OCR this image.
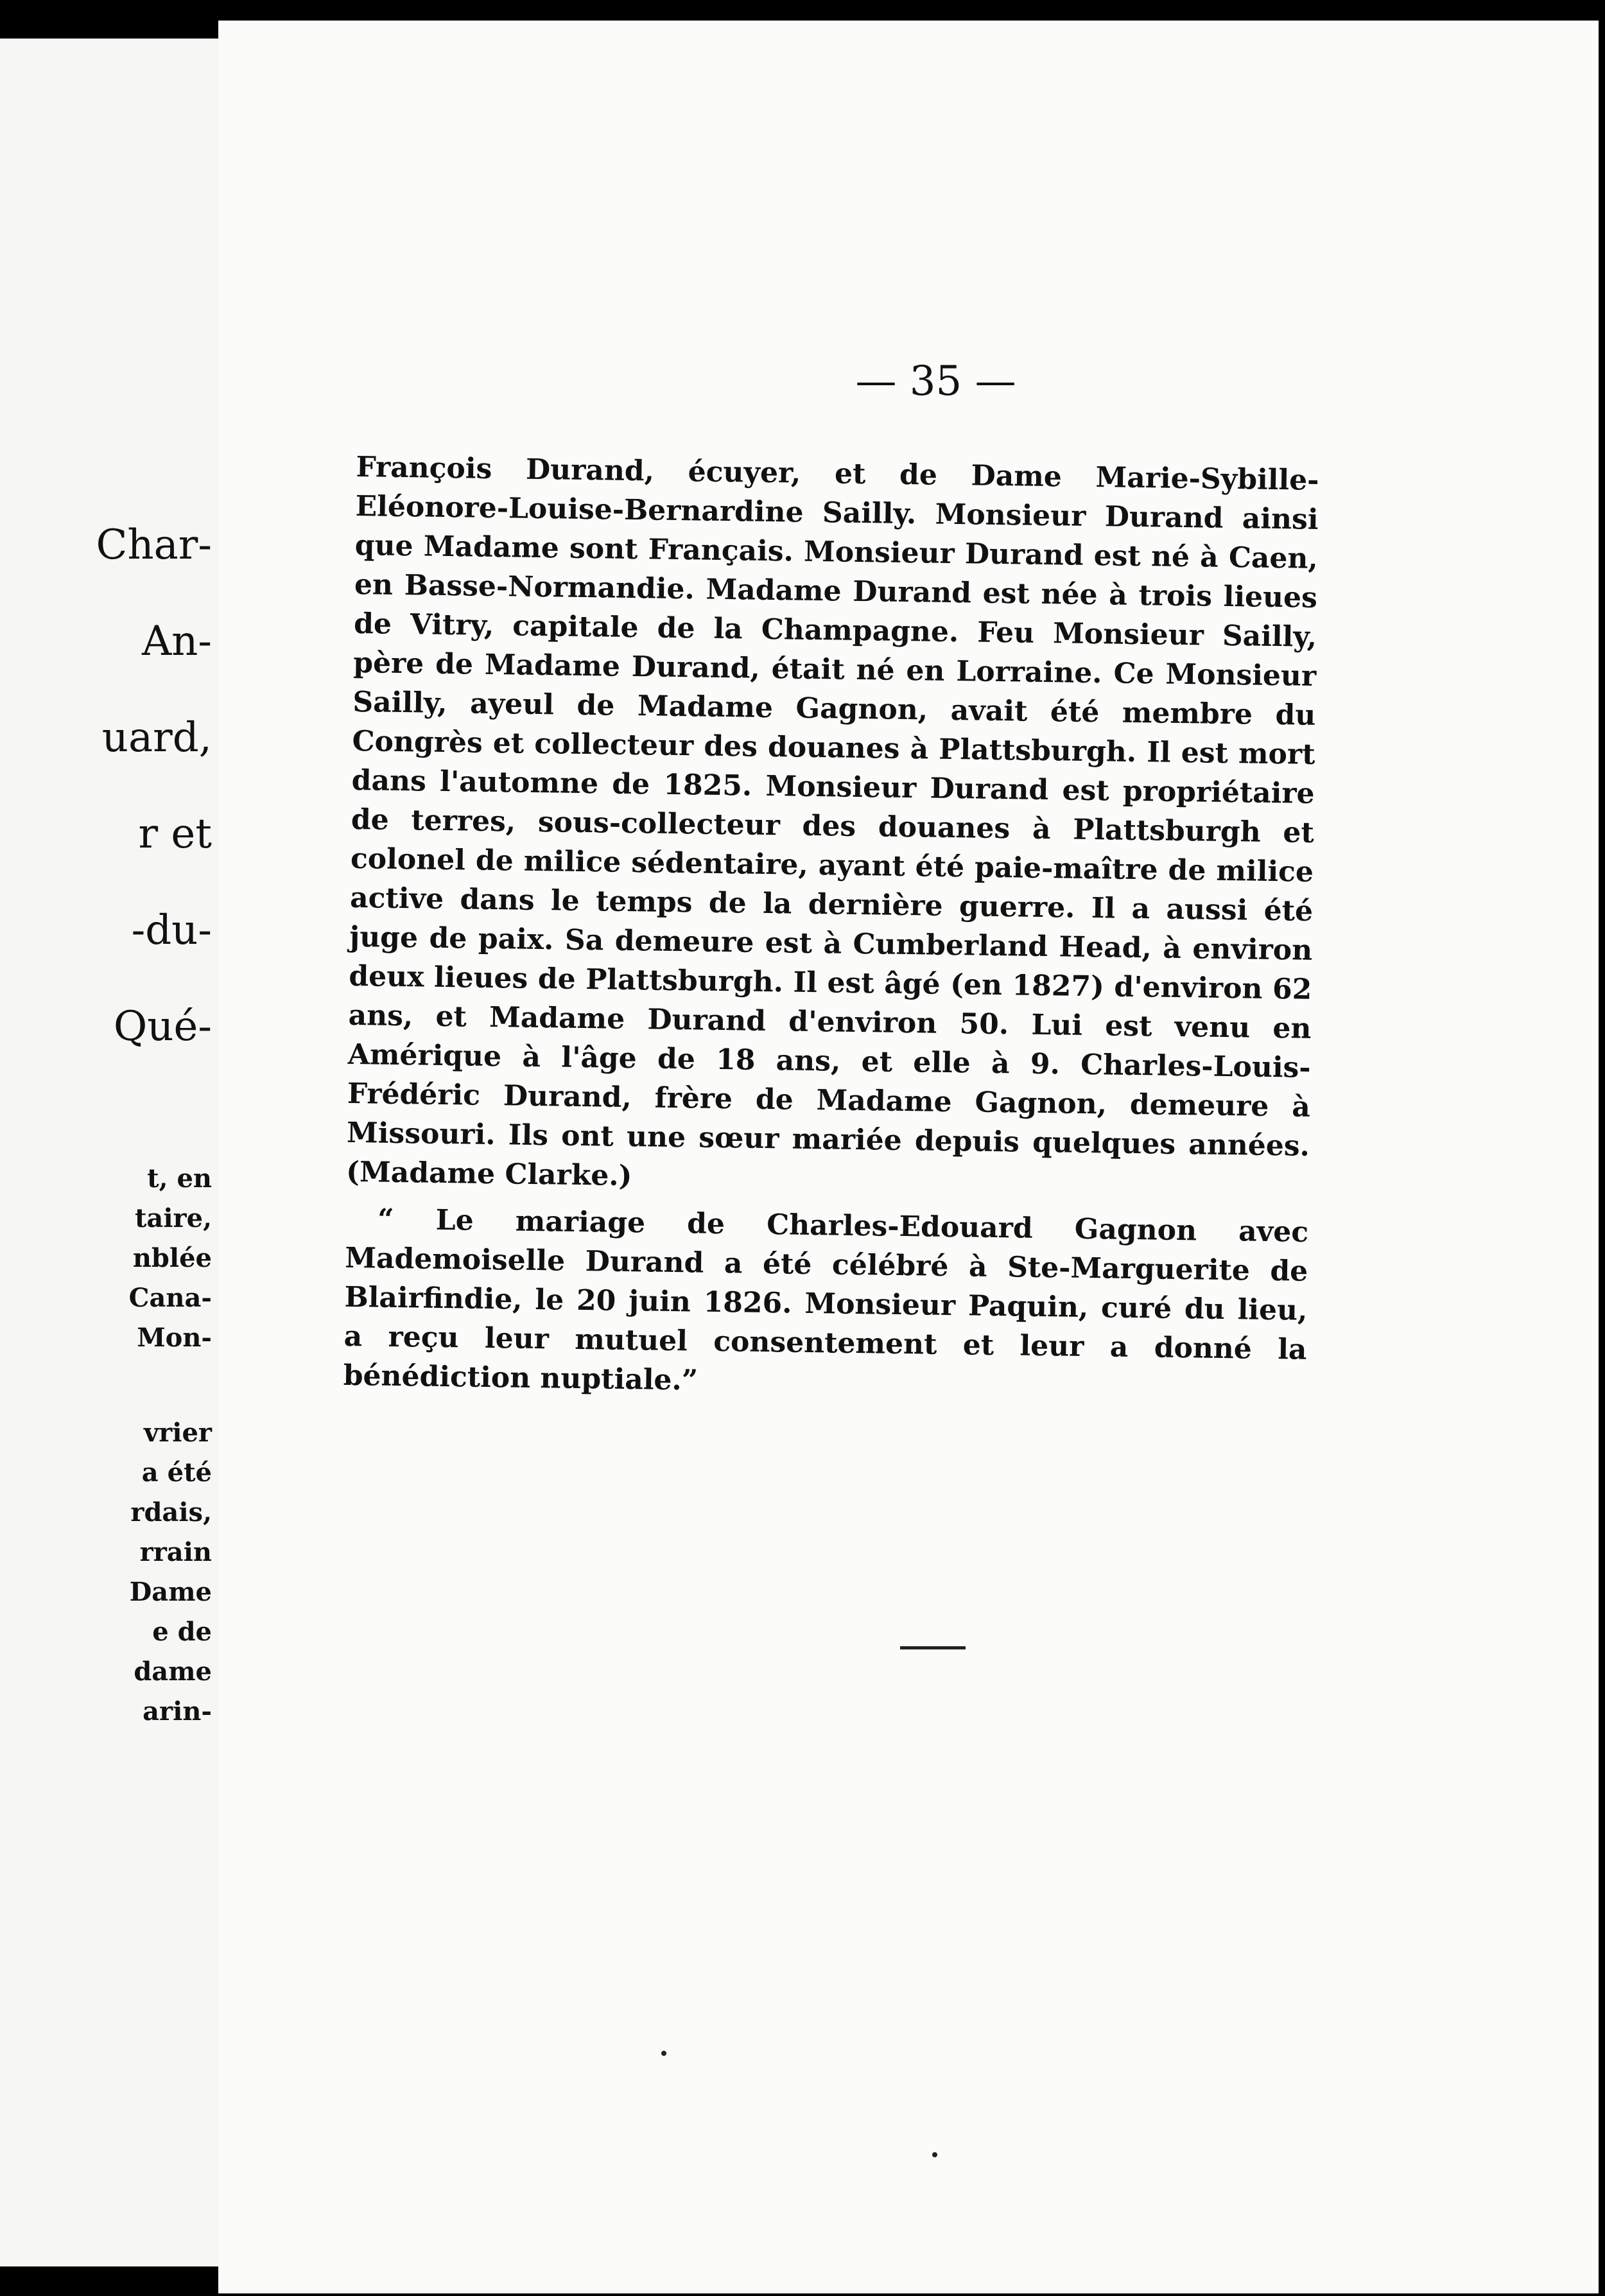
Char-
An-
uard,
r et
-du-
Qué-
t, en
taire,
nblée
Cana-
Mon-
vrier
a été
rdais,
rrain
Dame
e de
dame
arin-
— 35 —

François Durand, écuyer, et de Dame Marie-Sybille-Eléonore-Louise-Bernardine Sailly. Monsieur Durand ainsi que Madame sont Français. Monsieur Durand est né à Caen, en Basse-Normandie. Madame Durand est née à trois lieues de Vitry, capitale de la Champagne. Feu Monsieur Sailly, père de Madame Durand, était né en Lorraine. Ce Monsieur Sailly, ayeul de Madame Gagnon, avait été membre du Congrès et collecteur des douanes à Plattsburgh. Il est mort dans l'automne de 1825. Monsieur Durand est propriétaire de terres, sous-collecteur des douanes à Plattsburgh et colonel de milice sédentaire, ayant été paie-maître de milice active dans le temps de la dernière guerre. Il a aussi été juge de paix. Sa demeure est à Cumberland Head, à environ deux lieues de Plattsburgh. Il est âgé (en 1827) d'environ 62 ans, et Madame Durand d'environ 50. Lui est venu en Amérique à l'âge de 18 ans, et elle à 9. Charles-Louis-Frédéric Durand, frère de Madame Gagnon, demeure à Missouri. Ils ont une sœur mariée depuis quelques années. (Madame Clarke.)

“ Le mariage de Charles-Edouard Gagnon avec Mademoiselle Durand a été célébré à Ste-Marguerite de Blairfindie, le 20 juin 1826. Monsieur Paquin, curé du lieu, a reçu leur mutuel consentement et leur a donné la bénédiction nuptiale.”
